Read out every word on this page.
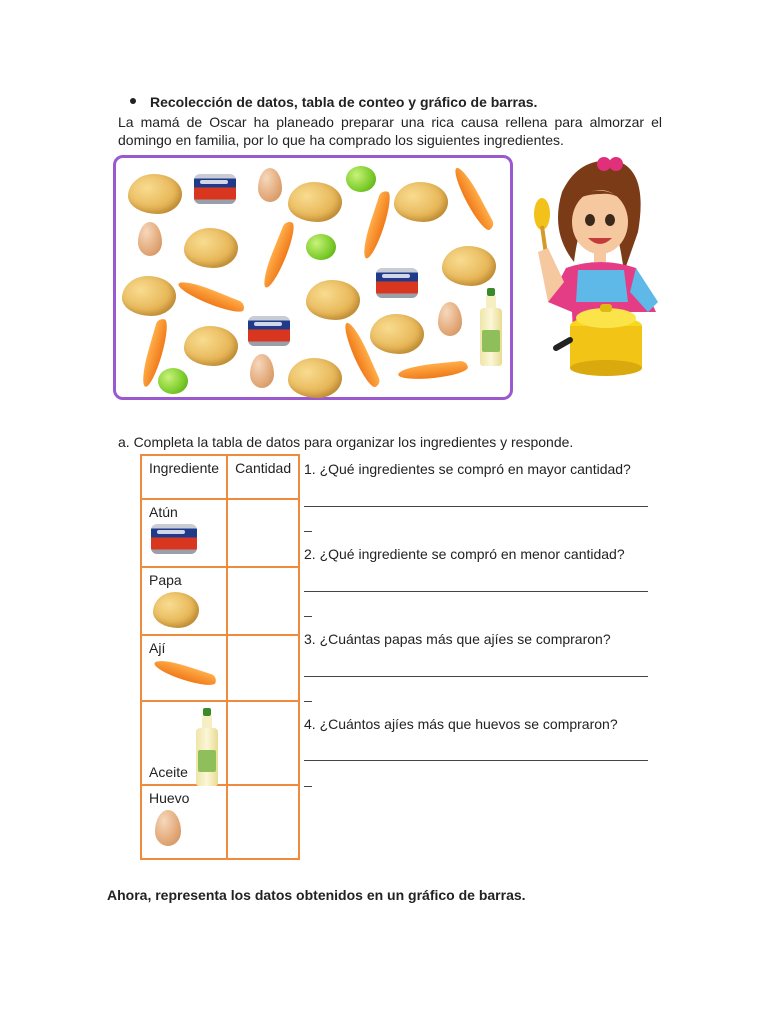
Recolección de datos, tabla de conteo y gráfico de barras.
La mamá de Oscar ha planeado preparar una rica causa rellena para almorzar el domingo en familia, por lo que ha comprado los siguientes ingredientes.
a. Completa la tabla de datos para organizar los ingredientes y responde.
Ingrediente	Cantidad
Atún

Papa

Ají

Aceite	
Huevo

1. ¿Qué ingredientes se compró en mayor cantidad?
2. ¿Qué ingrediente se compró en menor cantidad?
3. ¿Cuántas papas más que ajíes se compraron?
4. ¿Cuántos ajíes más que huevos se compraron?
Ahora, representa los datos obtenidos en un gráfico de barras.
